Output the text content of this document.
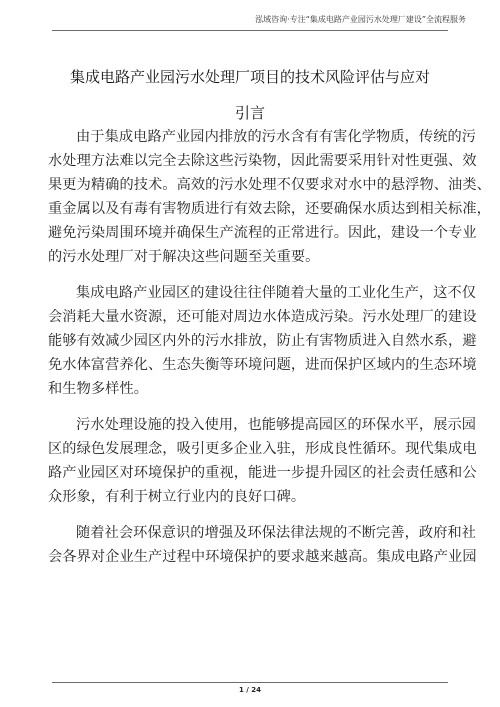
泓域咨询·专注“集成电路产业园污水处理厂建设”全流程服务
集成电路产业园污水处理厂项目的技术风险评估与应对
引言

由于集成电路产业园内排放的污水含有有害化学物质，传统的污
水处理方法难以完全去除这些污染物，因此需要采用针对性更强、效
果更为精确的技术。高效的污水处理不仅要求对水中的悬浮物、油类、
重金属以及有毒有害物质进行有效去除，还要确保水质达到相关标准，
避免污染周围环境并确保生产流程的正常进行。因此，建设一个专业
的污水处理厂对于解决这些问题至关重要。

集成电路产业园区的建设往往伴随着大量的工业化生产，这不仅
会消耗大量水资源，还可能对周边水体造成污染。污水处理厂的建设
能够有效减少园区内外的污水排放，防止有害物质进入自然水系，避
免水体富营养化、生态失衡等环境问题，进而保护区域内的生态环境
和生物多样性。

污水处理设施的投入使用，也能够提高园区的环保水平，展示园
区的绿色发展理念，吸引更多企业入驻，形成良性循环。现代集成电
路产业园区对环境保护的重视，能进一步提升园区的社会责任感和公
众形象，有利于树立行业内的良好口碑。

随着社会环保意识的增强及环保法律法规的不断完善，政府和社
会各界对企业生产过程中环境保护的要求越来越高。集成电路产业园

1 / 24
